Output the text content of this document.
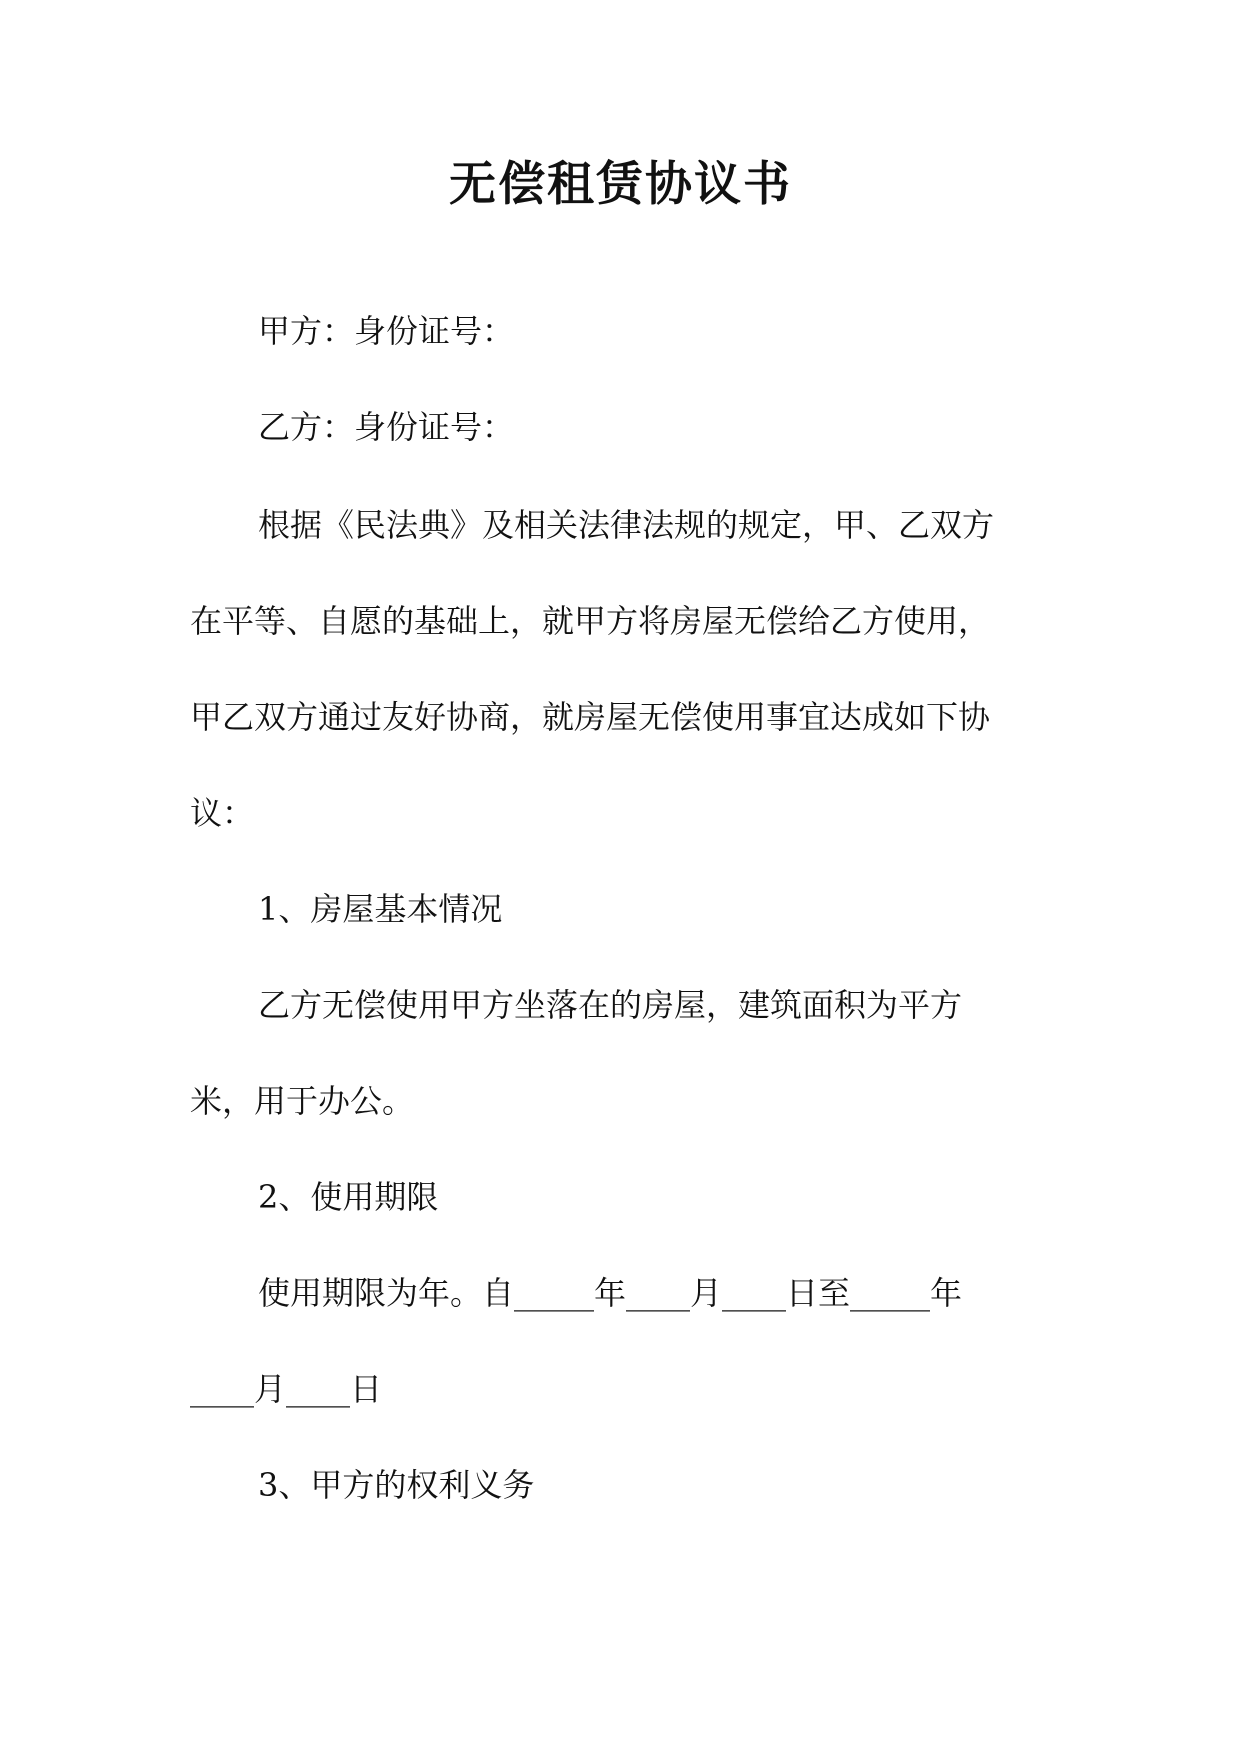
无偿租赁协议书
甲方：身份证号：
乙方：身份证号：
根据《民法典》及相关法律法规的规定，甲、乙双方
在平等、自愿的基础上，就甲方将房屋无偿给乙方使用，
甲乙双方通过友好协商，就房屋无偿使用事宜达成如下协
议：
1、房屋基本情况
乙方无偿使用甲方坐落在的房屋，建筑面积为平方
米，用于办公。
2、使用期限
使用期限为年。自_____年____月____日至_____年
____月____日
3、甲方的权利义务
